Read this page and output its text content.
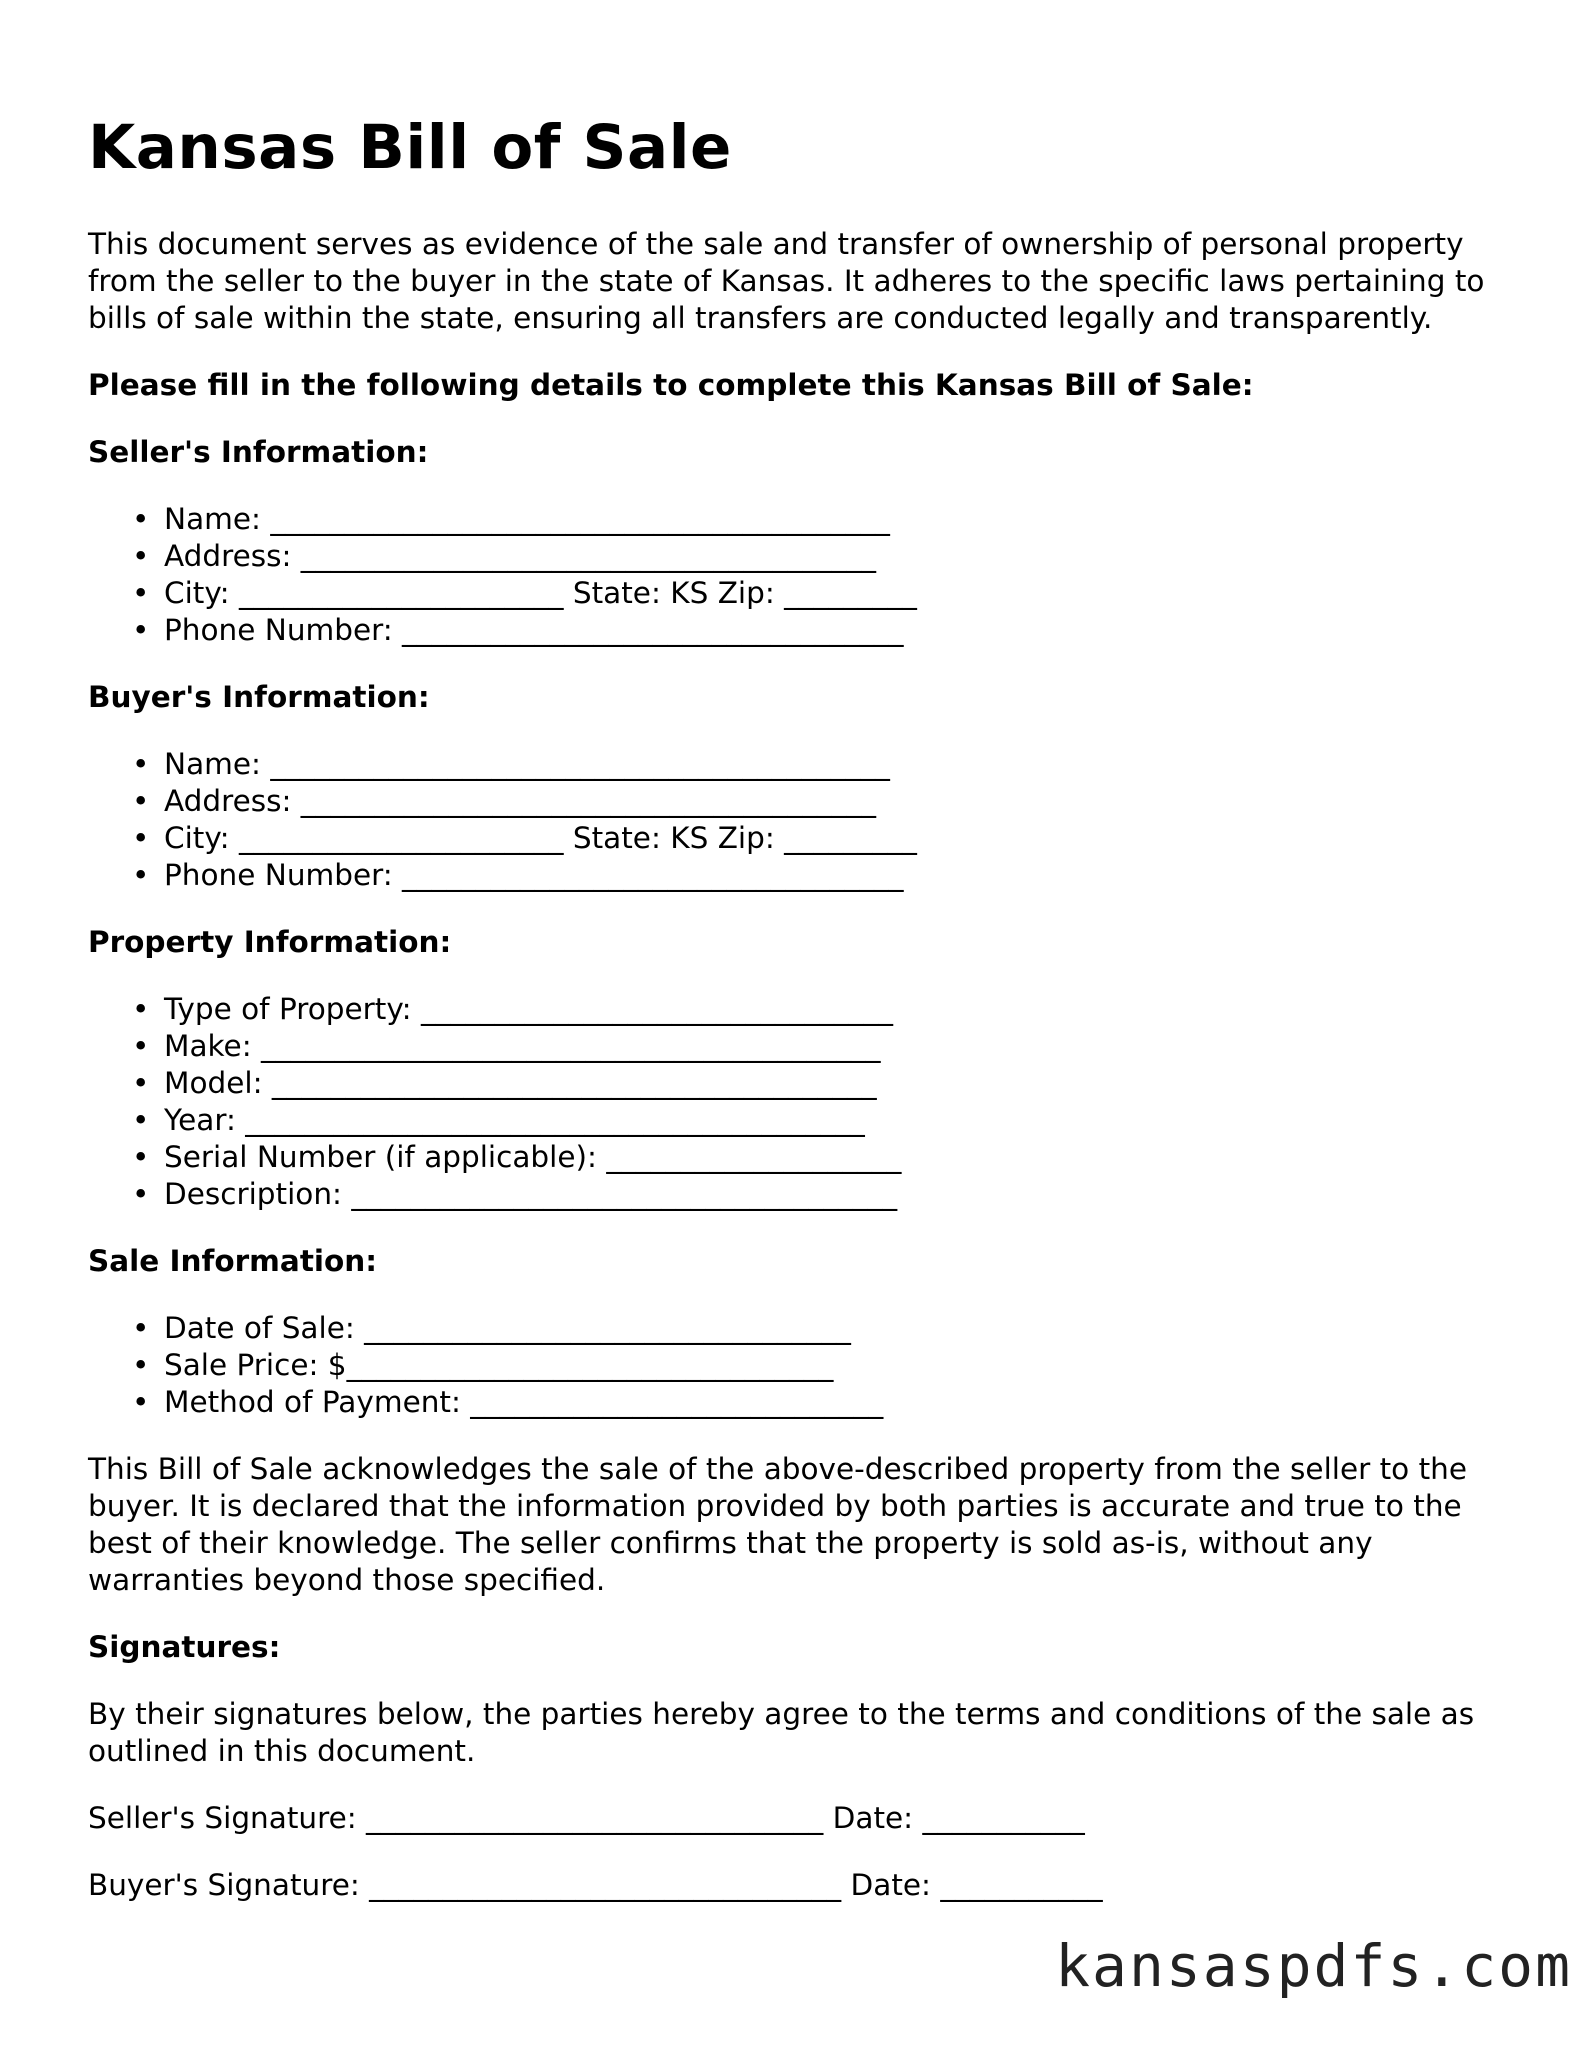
Kansas Bill of Sale

This document serves as evidence of the sale and transfer of ownership of personal property from the seller to the buyer in the state of Kansas. It adheres to the specific laws pertaining to bills of sale within the state, ensuring all transfers are conducted legally and transparently.

Please fill in the following details to complete this Kansas Bill of Sale:
Seller's Information:
• Name: __________________________________________
• Address: _______________________________________
• City: ______________________ State: KS Zip: _________
• Phone Number: __________________________________
Buyer's Information:
• Name: __________________________________________
• Address: _______________________________________
• City: ______________________ State: KS Zip: _________
• Phone Number: __________________________________
Property Information:
• Type of Property: ________________________________
• Make: __________________________________________
• Model: _________________________________________
• Year: __________________________________________
• Serial Number (if applicable): ____________________
• Description: _____________________________________
Sale Information:
• Date of Sale: _________________________________
• Sale Price: $_________________________________
• Method of Payment: ____________________________

This Bill of Sale acknowledges the sale of the above-described property from the seller to the buyer. It is declared that the information provided by both parties is accurate and true to the best of their knowledge. The seller confirms that the property is sold as-is, without any warranties beyond those specified.

Signatures:

By their signatures below, the parties hereby agree to the terms and conditions of the sale as outlined in this document.

Seller's Signature: _______________________________ Date: ___________
Buyer's Signature: ________________________________ Date: ___________
kansaspdfs.com
